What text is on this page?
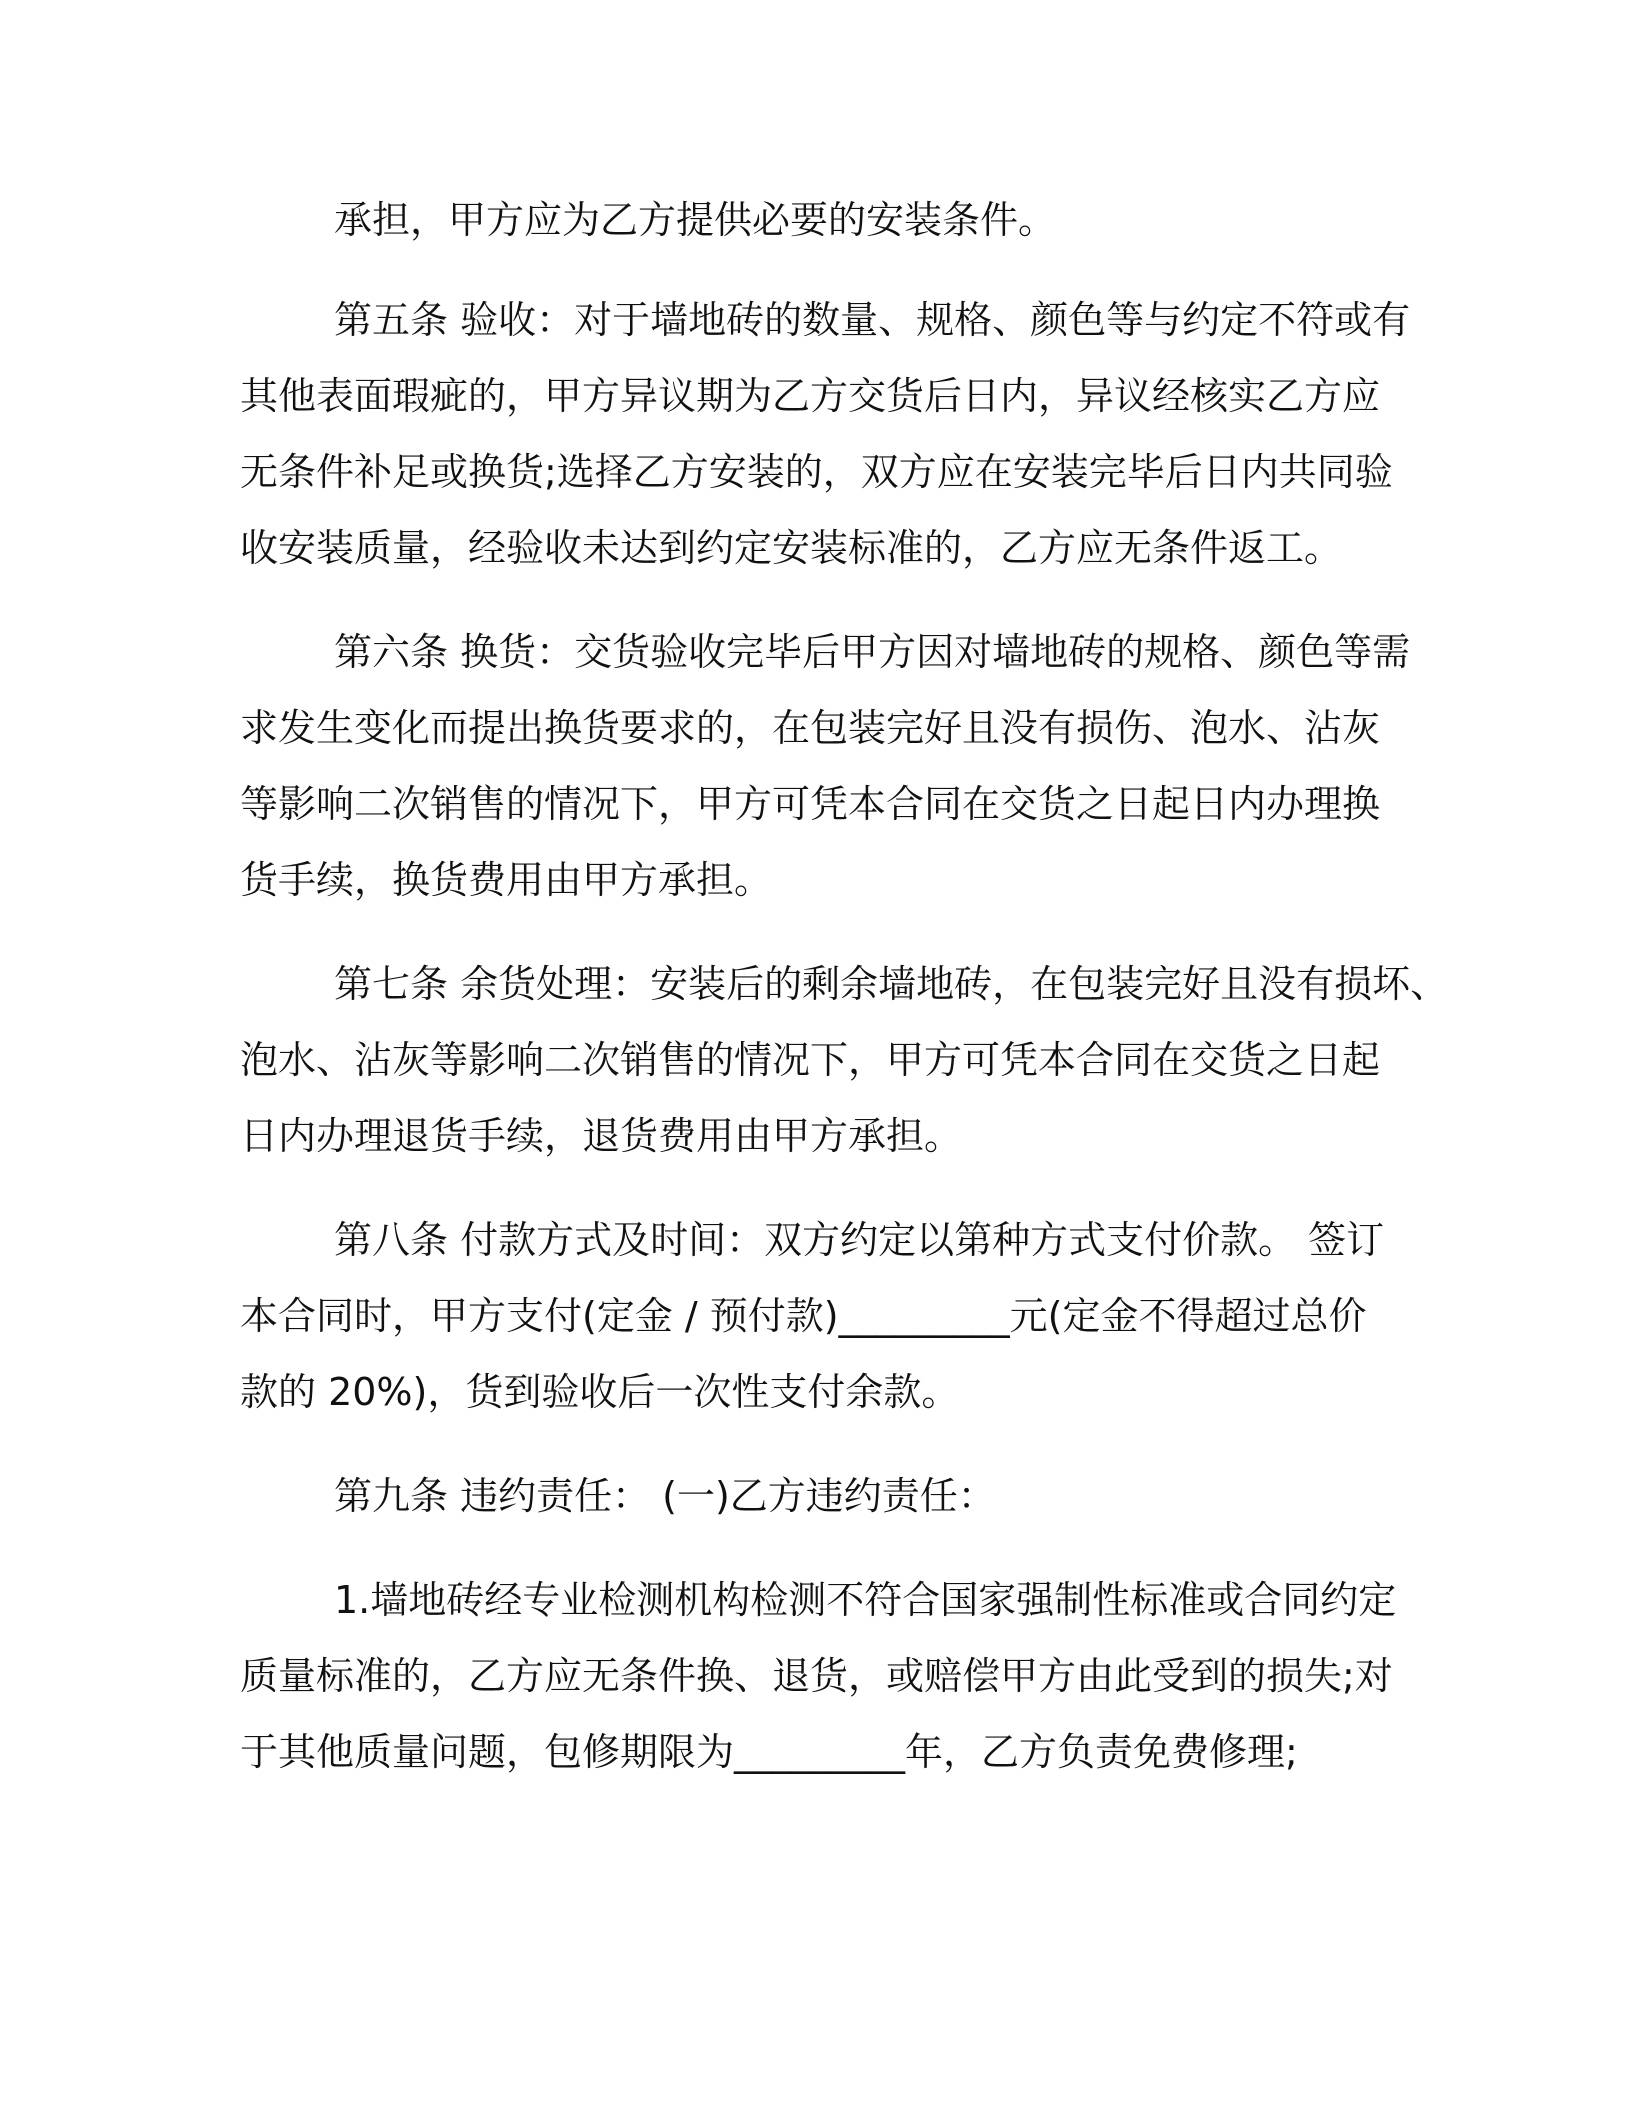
承担，甲方应为乙方提供必要的安装条件。

第五条 验收：对于墙地砖的数量、规格、颜色等与约定不符或有

其他表面瑕疵的，甲方异议期为乙方交货后日内，异议经核实乙方应

无条件补足或换货;选择乙方安装的，双方应在安装完毕后日内共同验

收安装质量，经验收未达到约定安装标准的，乙方应无条件返工。

第六条 换货：交货验收完毕后甲方因对墙地砖的规格、颜色等需

求发生变化而提出换货要求的，在包装完好且没有损伤、泡水、沾灰

等影响二次销售的情况下，甲方可凭本合同在交货之日起日内办理换

货手续，换货费用由甲方承担。

第七条 余货处理：安装后的剩余墙地砖，在包装完好且没有损坏、

泡水、沾灰等影响二次销售的情况下，甲方可凭本合同在交货之日起

日内办理退货手续，退货费用由甲方承担。

第八条 付款方式及时间：双方约定以第种方式支付价款。 签订

本合同时，甲方支付(定金 / 预付款)_________元(定金不得超过总价

款的 20%)，货到验收后一次性支付余款。

第九条 违约责任： (一)乙方违约责任：

1.墙地砖经专业检测机构检测不符合国家强制性标准或合同约定

质量标准的，乙方应无条件换、退货，或赔偿甲方由此受到的损失;对

于其他质量问题，包修期限为_________年，乙方负责免费修理;
